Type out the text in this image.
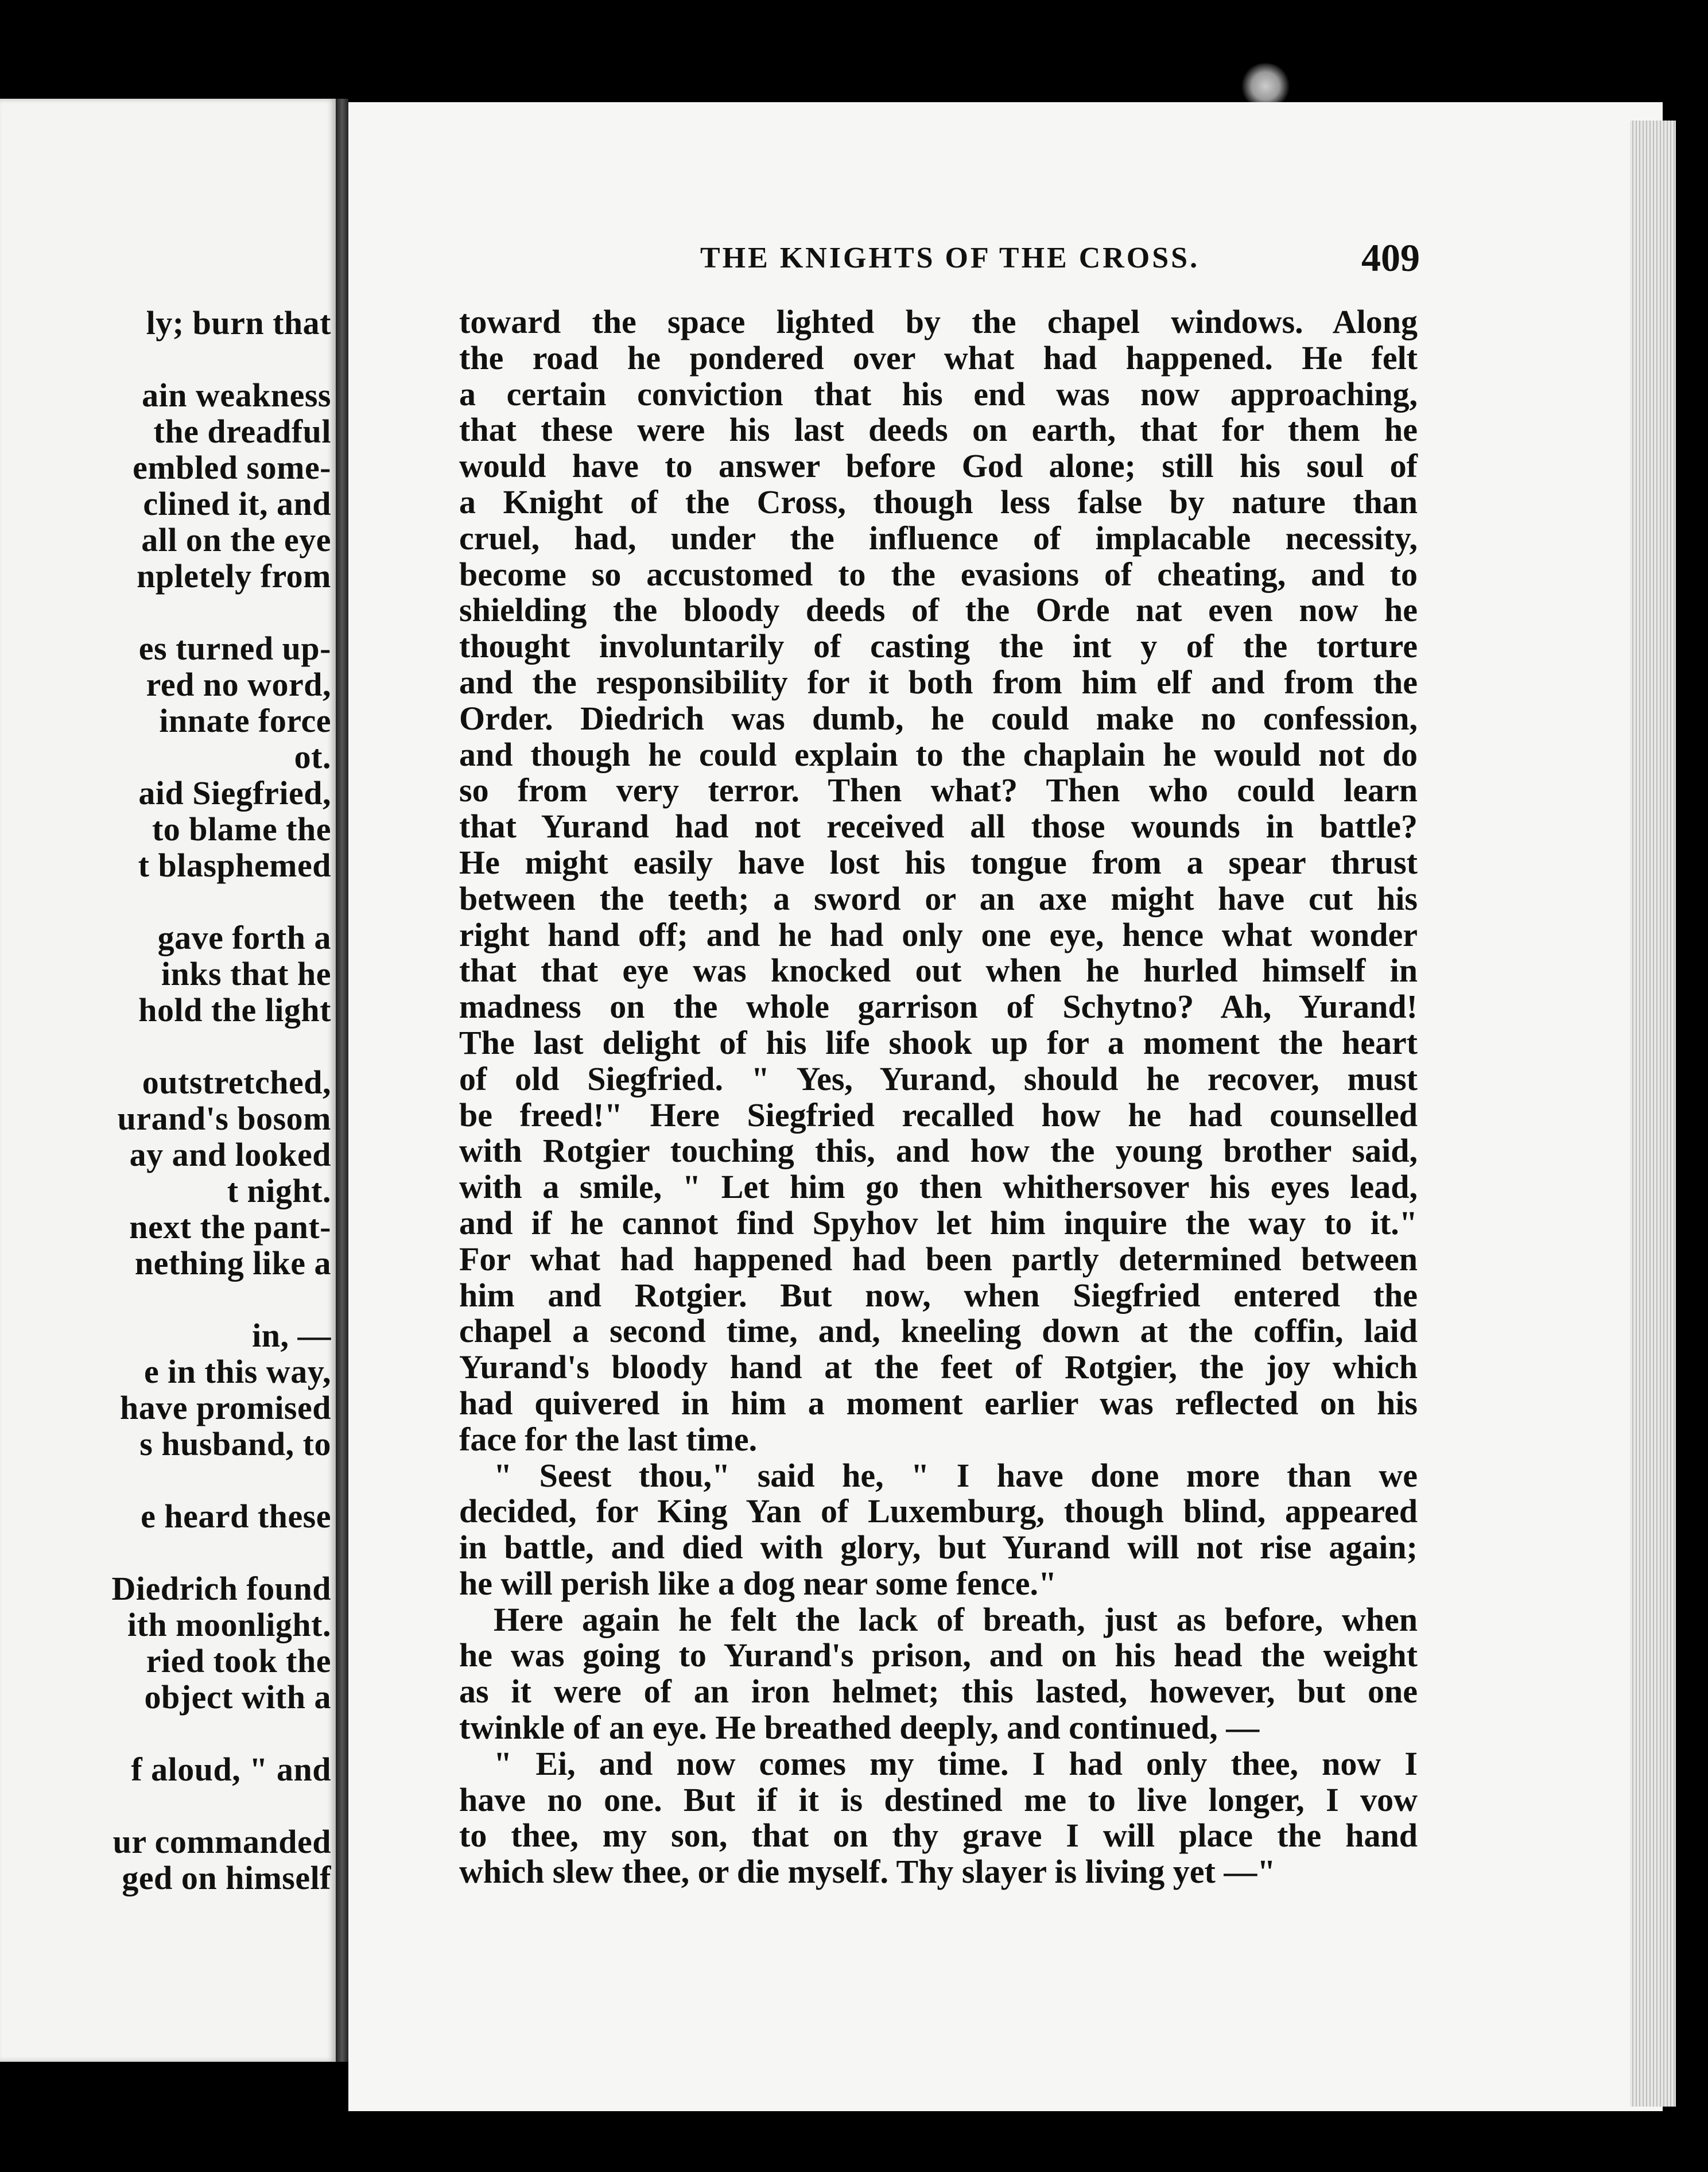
ly; burn that
ain weakness
the dreadful
embled some-
clined it, and
all on the eye
npletely from
es turned up-
red no word,
innate force
ot.
aid Siegfried,
to blame the
t blasphemed
gave forth a
inks that he
hold the light
outstretched,
urand's bosom
ay and looked
t night.
next the pant-
nething like a
in, —
e in this way,
have promised
s husband, to
e heard these
Diedrich found
ith moonlight.
ried took the
object with a
f aloud, " and
ur commanded
ged on himself
THE KNIGHTS OF THE CROSS.	409
toward the space lighted by the chapel windows. Along
the road he pondered over what had happened. He felt
a certain conviction that his end was now approaching,
that these were his last deeds on earth, that for them he
would have to answer before God alone; still his soul of
a Knight of the Cross, though less false by nature than
cruel, had, under the influence of implacable necessity,
become so accustomed to the evasions of cheating, and to
shielding the bloody deeds of the Orde nat even now he
thought involuntarily of casting the int y of the torture
and the responsibility for it both from him elf and from the
Order. Diedrich was dumb, he could make no confession,
and though he could explain to the chaplain he would not do
so from very terror. Then what? Then who could learn
that Yurand had not received all those wounds in battle?
He might easily have lost his tongue from a spear thrust
between the teeth; a sword or an axe might have cut his
right hand off; and he had only one eye, hence what wonder
that that eye was knocked out when he hurled himself in
madness on the whole garrison of Schytno? Ah, Yurand!
The last delight of his life shook up for a moment the heart
of old Siegfried. " Yes, Yurand, should he recover, must
be freed!" Here Siegfried recalled how he had counselled
with Rotgier touching this, and how the young brother said,
with a smile, " Let him go then whithersover his eyes lead,
and if he cannot find Spyhov let him inquire the way to it."
For what had happened had been partly determined between
him and Rotgier. But now, when Siegfried entered the
chapel a second time, and, kneeling down at the coffin, laid
Yurand's bloody hand at the feet of Rotgier, the joy which
had quivered in him a moment earlier was reflected on his
face for the last time.
" Seest thou," said he, " I have done more than we
decided, for King Yan of Luxemburg, though blind, appeared
in battle, and died with glory, but Yurand will not rise again;
he will perish like a dog near some fence."
Here again he felt the lack of breath, just as before, when
he was going to Yurand's prison, and on his head the weight
as it were of an iron helmet; this lasted, however, but one
twinkle of an eye. He breathed deeply, and continued, —
" Ei, and now comes my time. I had only thee, now I
have no one. But if it is destined me to live longer, I vow
to thee, my son, that on thy grave I will place the hand
which slew thee, or die myself. Thy slayer is living yet —"
